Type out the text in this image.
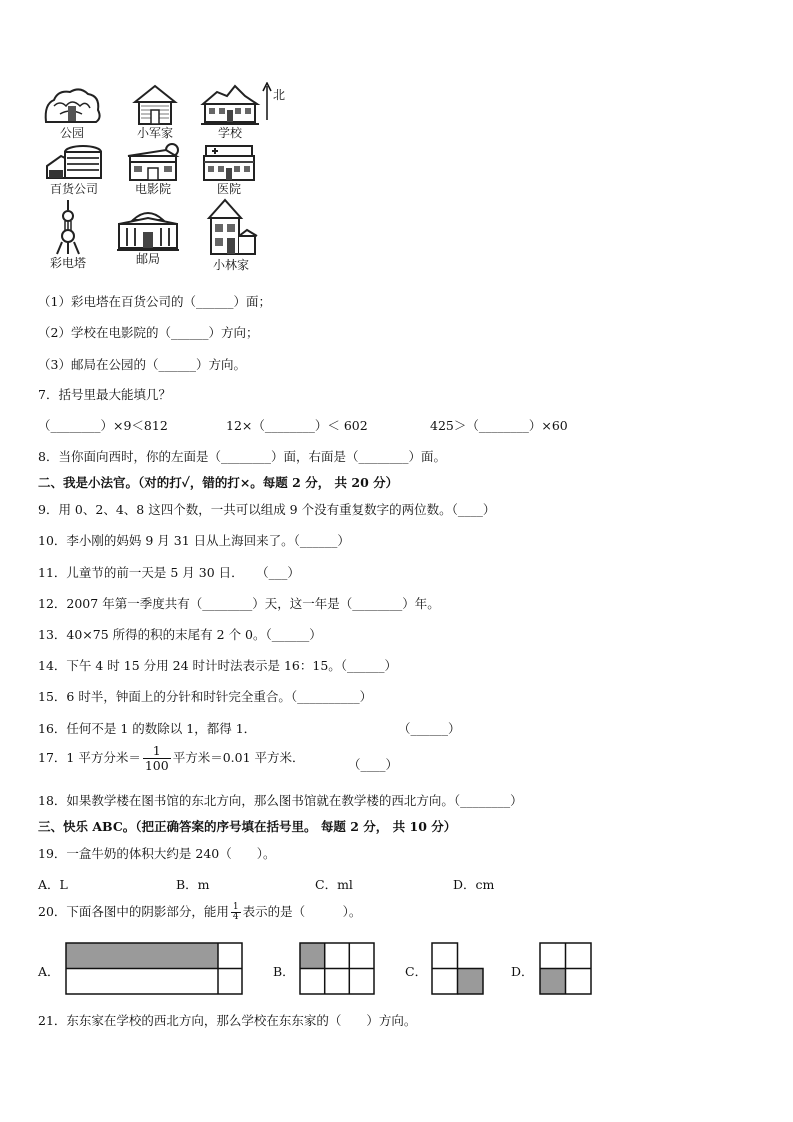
公园	小军家	学校
北
百货公司	电影院	医院
彩电塔	邮局	小林家
（1）彩电塔在百货公司的（______）面；
（2）学校在电影院的（______）方向；
（3）邮局在公园的（______）方向。
7．括号里最大能填几？
（________）×9＜812	12×（________）＜ 602	425＞（________）×60
8．当你面向西时，你的左面是（________）面，右面是（________）面。
二、我是小法官。（对的打✓，错的打×。每题 2 分， 共 20 分）
9．用 0、2、4、8 这四个数，一共可以组成 9 个没有重复数字的两位数。（____）
10．李小刚的妈妈 9 月 31 日从上海回来了。（______）
11．儿童节的前一天是 5 月 30 日．　　（___）
12．2007 年第一季度共有（________）天，这一年是（________）年。
13．40×75 所得的积的末尾有 2 个 0。（______）
14．下午 4 时 15 分用 24 时计时法表示是 16：15。（______）
15．6 时半，钟面上的分针和时针完全重合。（__________）
16．任何不是 1 的数除以 1，都得 1．	（______）
17．1 平方分米＝ $\frac{1}{100}$ 平方米＝0.01 平方米．	（____）
18．如果教学楼在图书馆的东北方向，那么图书馆就在教学楼的西北方向。（________）
三、快乐 ABC。（把正确答案的序号填在括号里。 每题 2 分， 共 10 分）
19．一盒牛奶的体积大约是 240（　　）。
A．L	B．m	C．ml	D．cm
20．下面各图中的阴影部分，能用 $\frac{1}{4}$ 表示的是（　　　）。
A．	B．	C．	D．
21．东东家在学校的西北方向，那么学校在东东家的（　　）方向。
